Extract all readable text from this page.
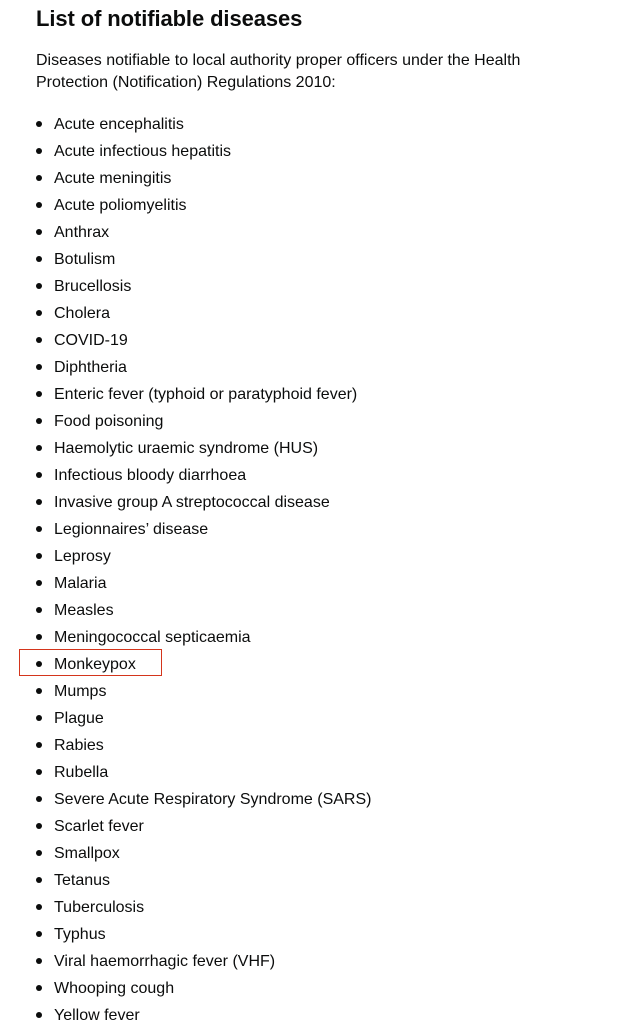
List of notifiable diseases

Diseases notifiable to local authority proper officers under the Health Protection (Notification) Regulations 2010:

Acute encephalitis
Acute infectious hepatitis
Acute meningitis
Acute poliomyelitis
Anthrax
Botulism
Brucellosis
Cholera
COVID-19
Diphtheria
Enteric fever (typhoid or paratyphoid fever)
Food poisoning
Haemolytic uraemic syndrome (HUS)
Infectious bloody diarrhoea
Invasive group A streptococcal disease
Legionnaires’ disease
Leprosy
Malaria
Measles
Meningococcal septicaemia
Monkeypox
Mumps
Plague
Rabies
Rubella
Severe Acute Respiratory Syndrome (SARS)
Scarlet fever
Smallpox
Tetanus
Tuberculosis
Typhus
Viral haemorrhagic fever (VHF)
Whooping cough
Yellow fever
